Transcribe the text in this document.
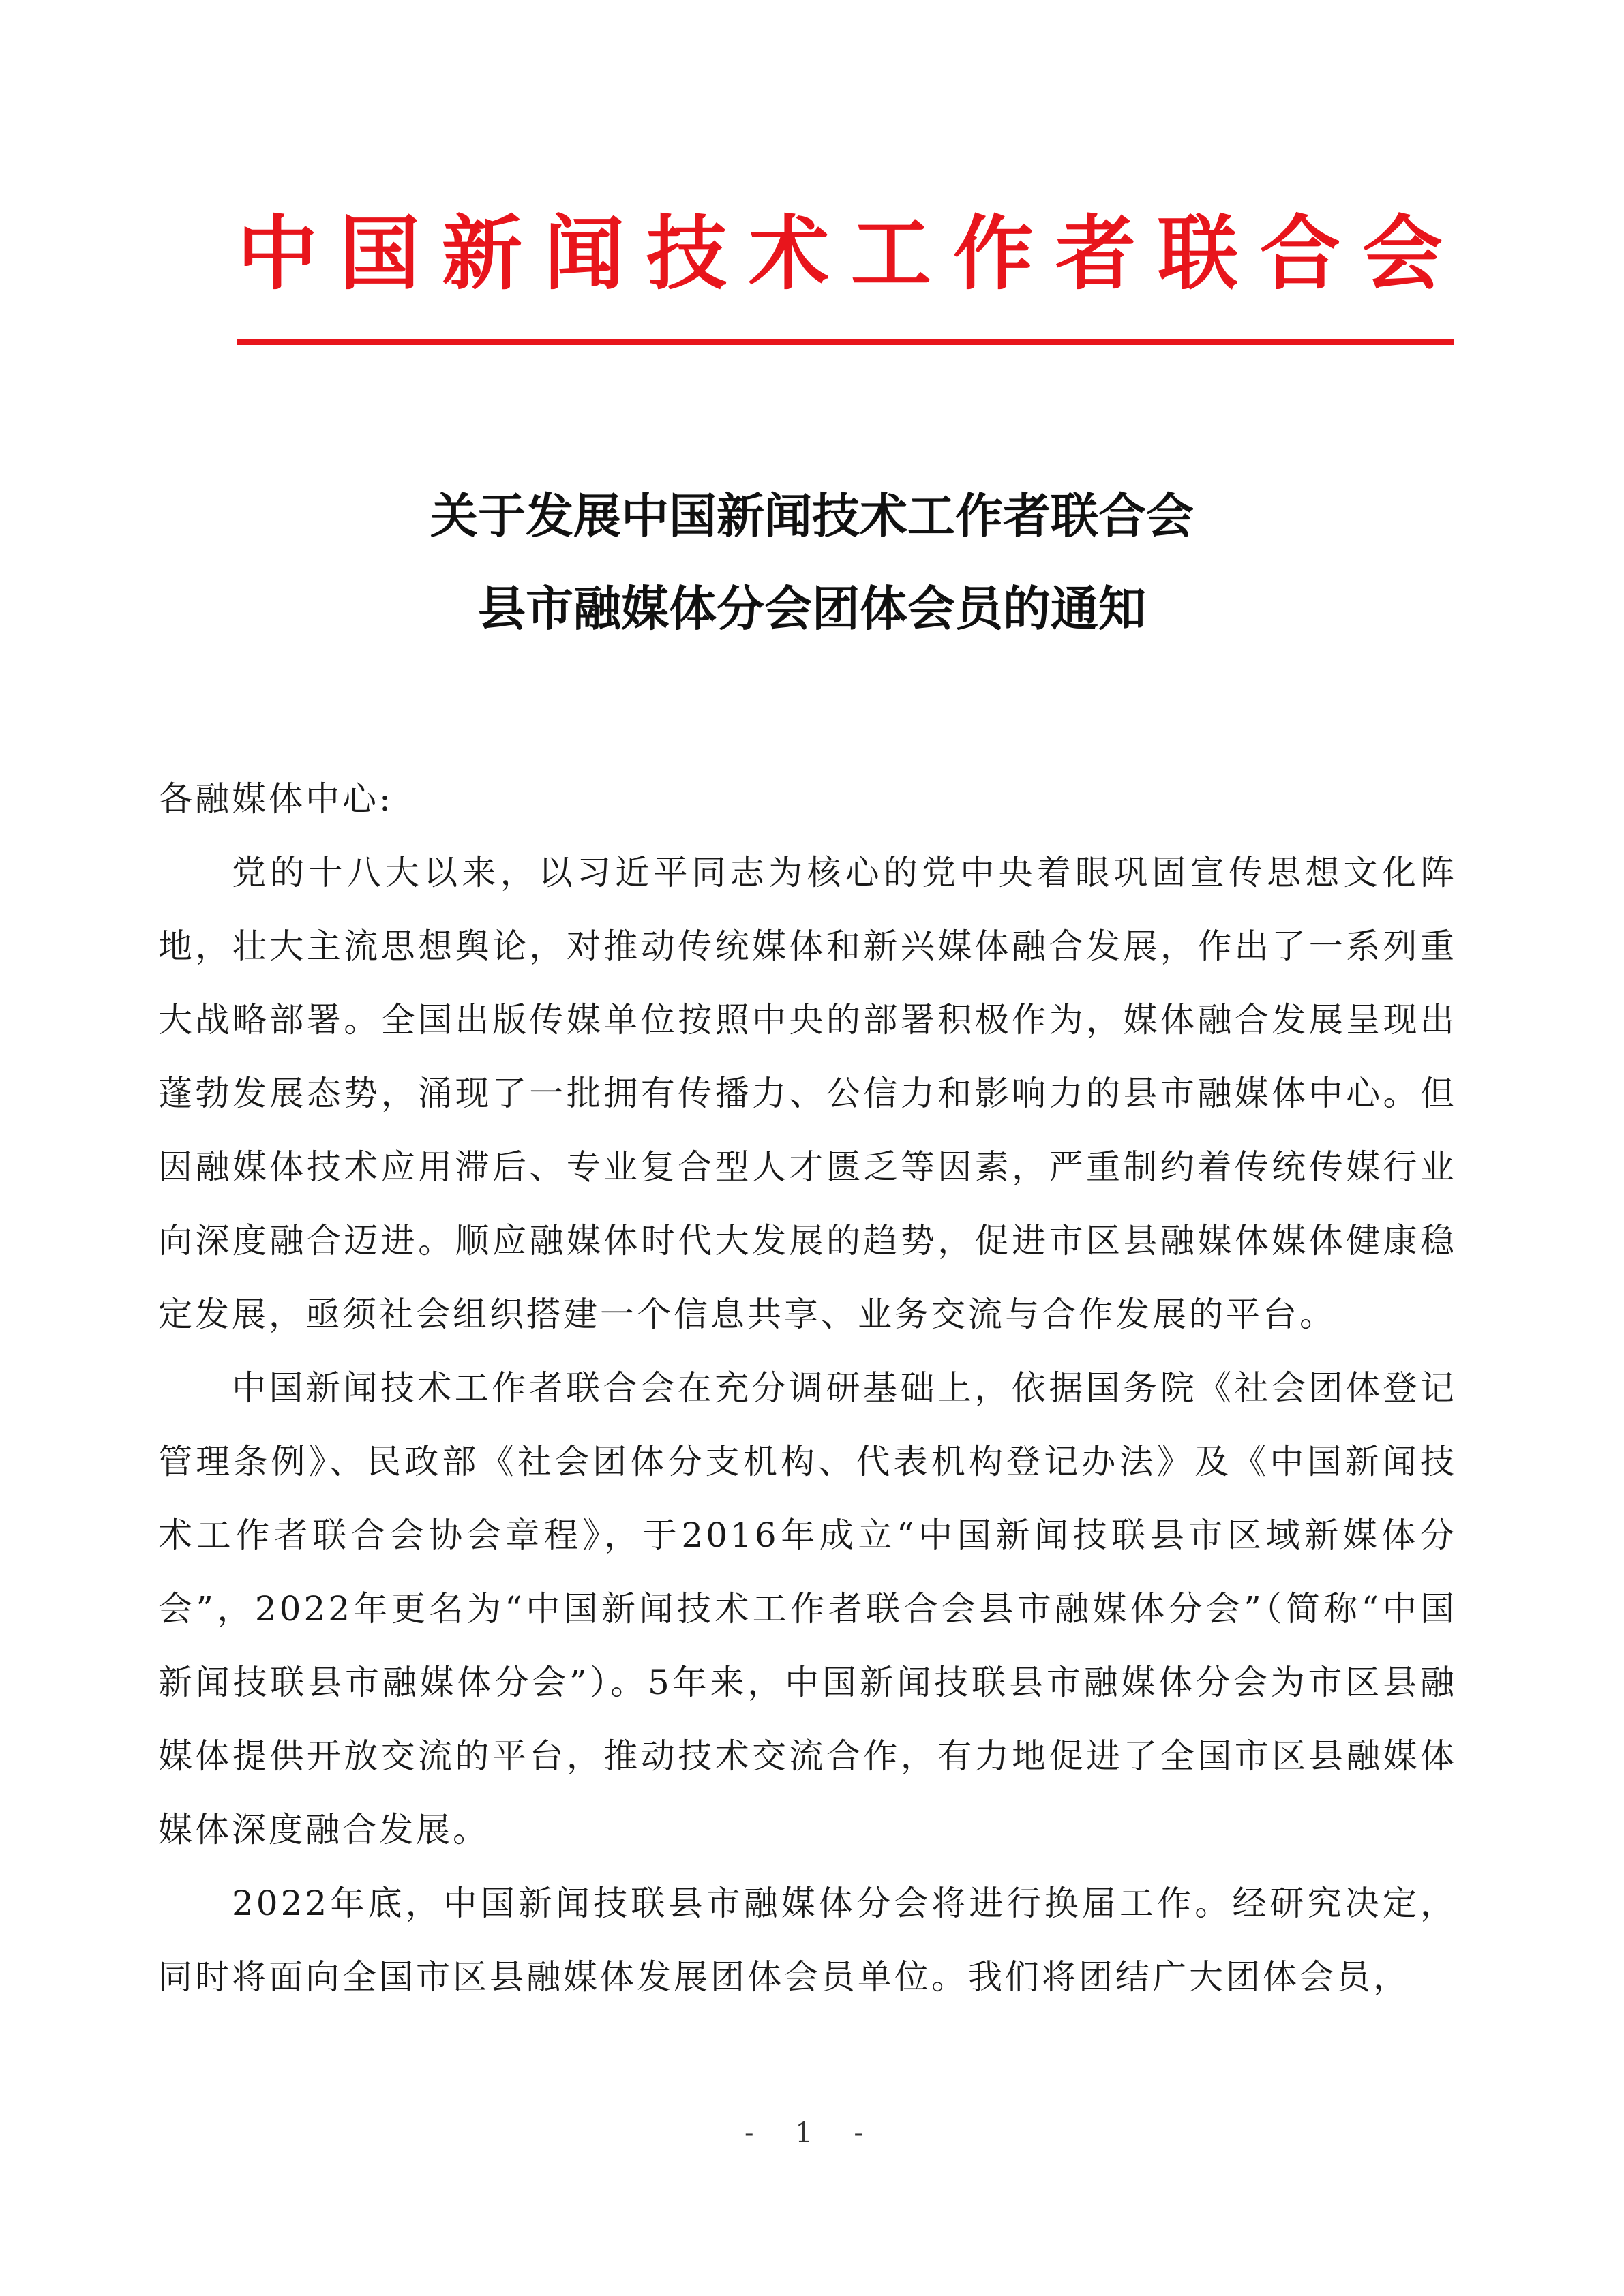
中国新闻技术工作者联合会
关于发展中国新闻技术工作者联合会
县市融媒体分会团体会员的通知

各融媒体中心:

党的十八大以来，以习近平同志为核心的党中央着眼巩固宣传思想文化阵地，壮大主流思想舆论，对推动传统媒体和新兴媒体融合发展，作出了一系列重大战略部署。全国出版传媒单位按照中央的部署积极作为，媒体融合发展呈现出蓬勃发展态势，涌现了一批拥有传播力、公信力和影响力的县市融媒体中心。但因融媒体技术应用滞后、专业复合型人才匮乏等因素，严重制约着传统传媒行业向深度融合迈进。顺应融媒体时代大发展的趋势，促进市区县融媒体媒体健康稳定发展，亟须社会组织搭建一个信息共享、业务交流与合作发展的平台。

中国新闻技术工作者联合会在充分调研基础上，依据国务院《社会团体登记管理条例》、民政部《社会团体分支机构、代表机构登记办法》及《中国新闻技术工作者联合会协会章程》，于2016年成立“中国新闻技联县市区域新媒体分会”，2022年更名为“中国新闻技术工作者联合会县市融媒体分会”（简称“中国新闻技联县市融媒体分会”）。5年来，中国新闻技联县市融媒体分会为市区县融媒体提供开放交流的平台，推动技术交流合作，有力地促进了全国市区县融媒体媒体深度融合发展。

2022年底，中国新闻技联县市融媒体分会将进行换届工作。经研究决定，同时将面向全国市区县融媒体发展团体会员单位。我们将团结广大团体会员，

- 1 -
